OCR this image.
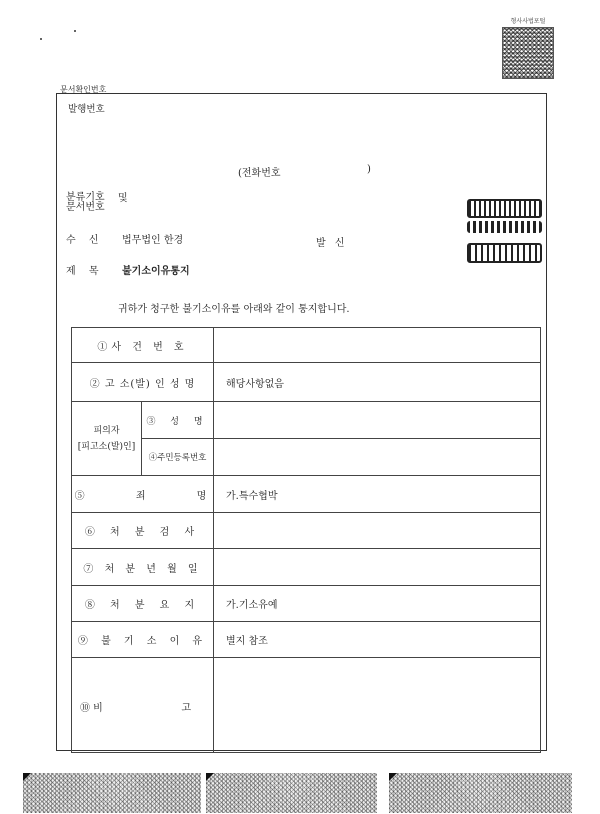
형사사법포털
문서확인번호
발행번호
(전화번호	)
분류기호
문서번호
및
수 신 법무법인 한경	발 신
제 목 불기소이유통지
귀하가 청구한 불기소이유를 아래와 같이 통지합니다.
①사 건 번 호		
② 고 소(발) 인 성 명		해당사항없음

피의자
[피고소(발)인]	③ 성 명	
	④주민등록번호	
⑤ 죄 명		가.특수협박
⑥ 처 분 검 사		
⑦ 처 분 년 월 일		
⑧ 처 분 요 지		가.기소유예
⑨ 불 기 소 이 유		별지 참조

⑩ 비 고		
